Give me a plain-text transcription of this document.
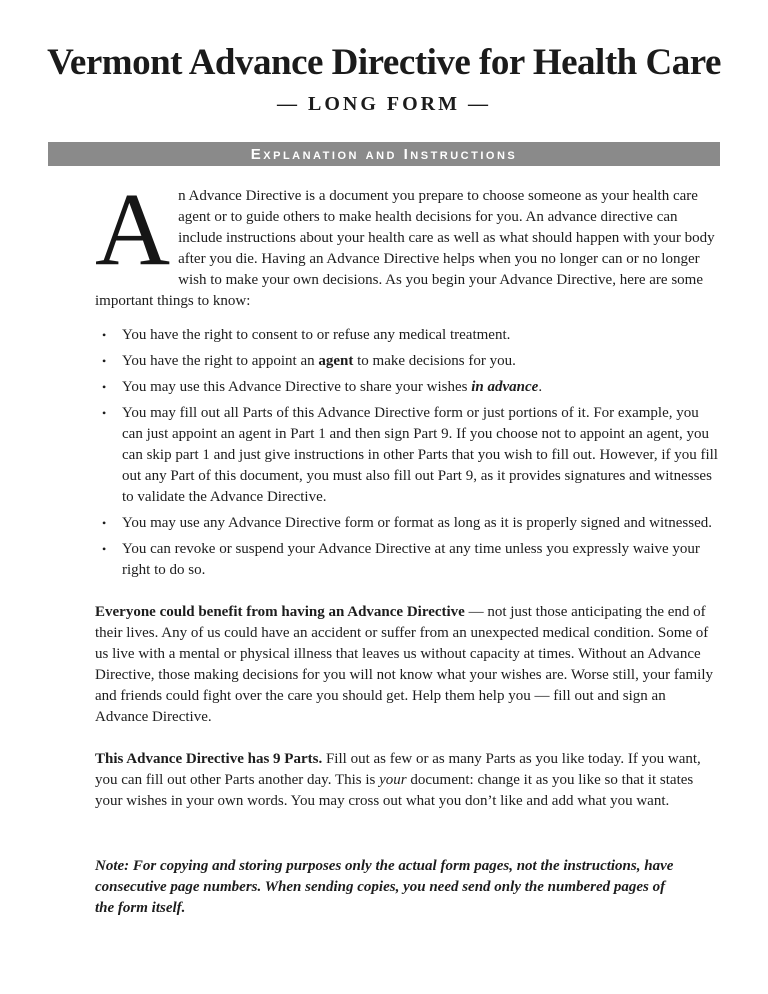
Vermont Advance Directive for Health Care
— LONG FORM —
Explanation and Instructions

An Advance Directive is a document you prepare to choose someone as your health care agent or to guide others to make health decisions for you. An advance directive can include instructions about your health care as well as what should happen with your body after you die. Having an Advance Directive helps when you no longer can or no longer wish to make your own decisions. As you begin your Advance Directive, here are some important things to know:

•	You have the right to consent to or refuse any medical treatment.
•	You have the right to appoint an agent to make decisions for you.
•	You may use this Advance Directive to share your wishes in advance.
•	You may fill out all Parts of this Advance Directive form or just portions of it. For example, you can just appoint an agent in Part 1 and then sign Part 9. If you choose not to appoint an agent, you can skip part 1 and just give instructions in other Parts that you wish to fill out. However, if you fill out any Part of this document, you must also fill out Part 9, as it provides signatures and witnesses to validate the Advance Directive.
•	You may use any Advance Directive form or format as long as it is properly signed and witnessed.
•	You can revoke or suspend your Advance Directive at any time unless you expressly waive your right to do so.

Everyone could benefit from having an Advance Directive — not just those anticipating the end of their lives. Any of us could have an accident or suffer from an unexpected medical condition. Some of us live with a mental or physical illness that leaves us without capacity at times. Without an Advance Directive, those making decisions for you will not know what your wishes are. Worse still, your family and friends could fight over the care you should get. Help them help you — fill out and sign an Advance Directive.

This Advance Directive has 9 Parts. Fill out as few or as many Parts as you like today. If you want, you can fill out other Parts another day. This is your document: change it as you like so that it states your wishes in your own words. You may cross out what you don’t like and add what you want.

Note: For copying and storing purposes only the actual form pages, not the instructions, have consecutive page numbers. When sending copies, you need send only the numbered pages of the form itself.
